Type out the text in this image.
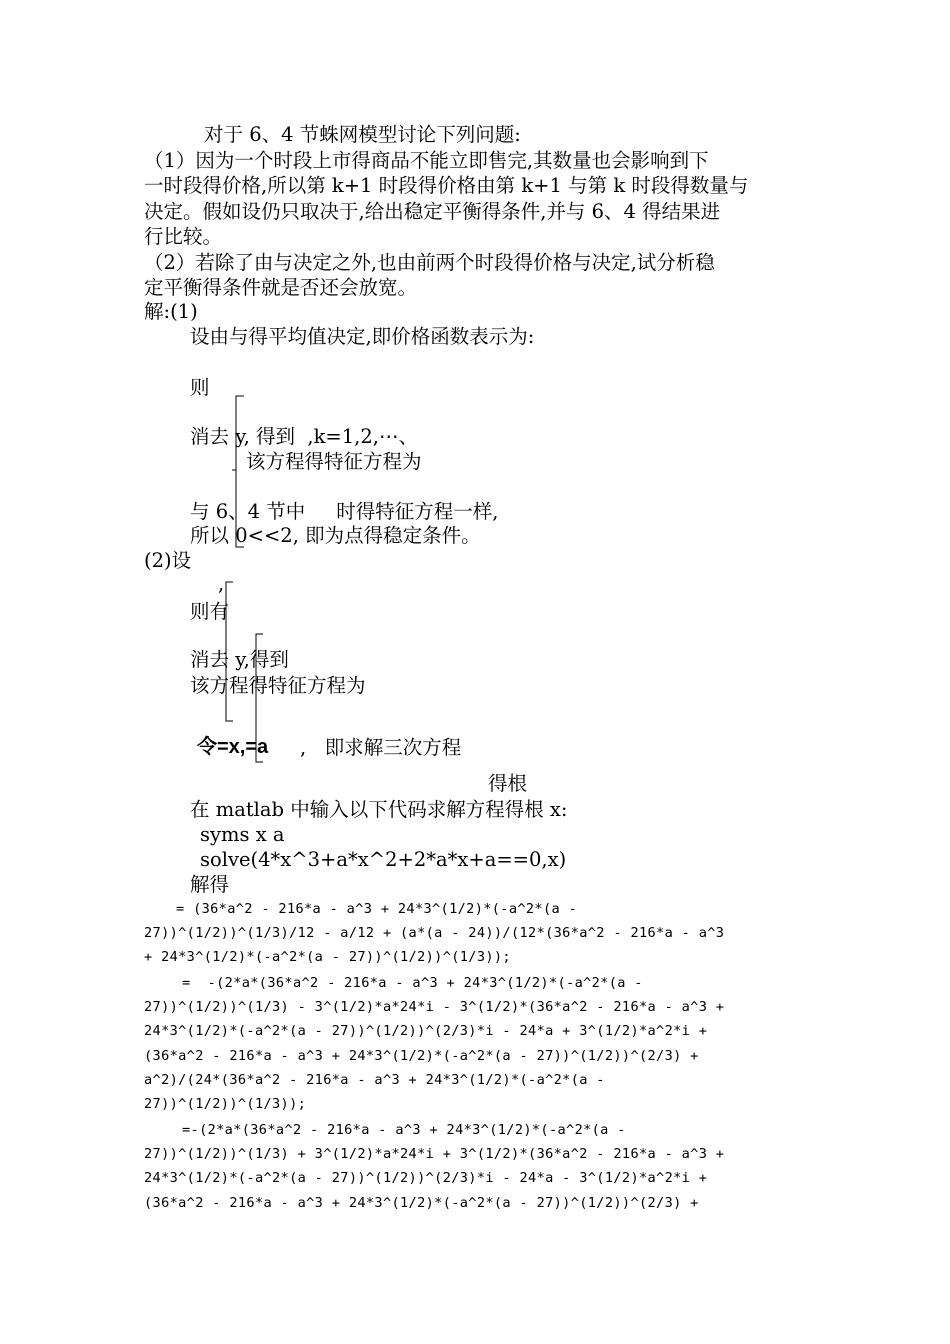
对于 6、4 节蛛网模型讨论下列问题:
（1）因为一个时段上市得商品不能立即售完,其数量也会影响到下
一时段得价格,所以第 k+1 时段得价格由第 k+1 与第 k 时段得数量与
决定。假如设仍只取决于,给出稳定平衡得条件,并与 6、4 得结果进
行比较。
（2）若除了由与决定之外,也由前两个时段得价格与决定,试分析稳
定平衡得条件就是否还会放宽。
解:(1)
设由与得平均值决定,即价格函数表示为:
则
消去 y, 得到  ,k=1,2,⋯、
该方程得特征方程为
与 6、4 节中     时得特征方程一样,
所以 0<<2, 即为点得稳定条件。
(2)设
,
则有
消去 y,得到
该方程得特征方程为
令=x,=a ,   即求解三次方程
得根
在 matlab 中输入以下代码求解方程得根 x:
syms x a
solve(4*x^3+a*x^2+2*a*x+a==0,x)
解得
= (36*a^2 - 216*a - a^3 + 24*3^(1/2)*(-a^2*(a -
27))^(1/2))^(1/3)/12 - a/12 + (a*(a - 24))/(12*(36*a^2 - 216*a - a^3
+ 24*3^(1/2)*(-a^2*(a - 27))^(1/2))^(1/3));
=  -(2*a*(36*a^2 - 216*a - a^3 + 24*3^(1/2)*(-a^2*(a -
27))^(1/2))^(1/3) - 3^(1/2)*a*24*i - 3^(1/2)*(36*a^2 - 216*a - a^3 +
24*3^(1/2)*(-a^2*(a - 27))^(1/2))^(2/3)*i - 24*a + 3^(1/2)*a^2*i +
(36*a^2 - 216*a - a^3 + 24*3^(1/2)*(-a^2*(a - 27))^(1/2))^(2/3) +
a^2)/(24*(36*a^2 - 216*a - a^3 + 24*3^(1/2)*(-a^2*(a -
27))^(1/2))^(1/3));
=-(2*a*(36*a^2 - 216*a - a^3 + 24*3^(1/2)*(-a^2*(a -
27))^(1/2))^(1/3) + 3^(1/2)*a*24*i + 3^(1/2)*(36*a^2 - 216*a - a^3 +
24*3^(1/2)*(-a^2*(a - 27))^(1/2))^(2/3)*i - 24*a - 3^(1/2)*a^2*i +
(36*a^2 - 216*a - a^3 + 24*3^(1/2)*(-a^2*(a - 27))^(1/2))^(2/3) +
